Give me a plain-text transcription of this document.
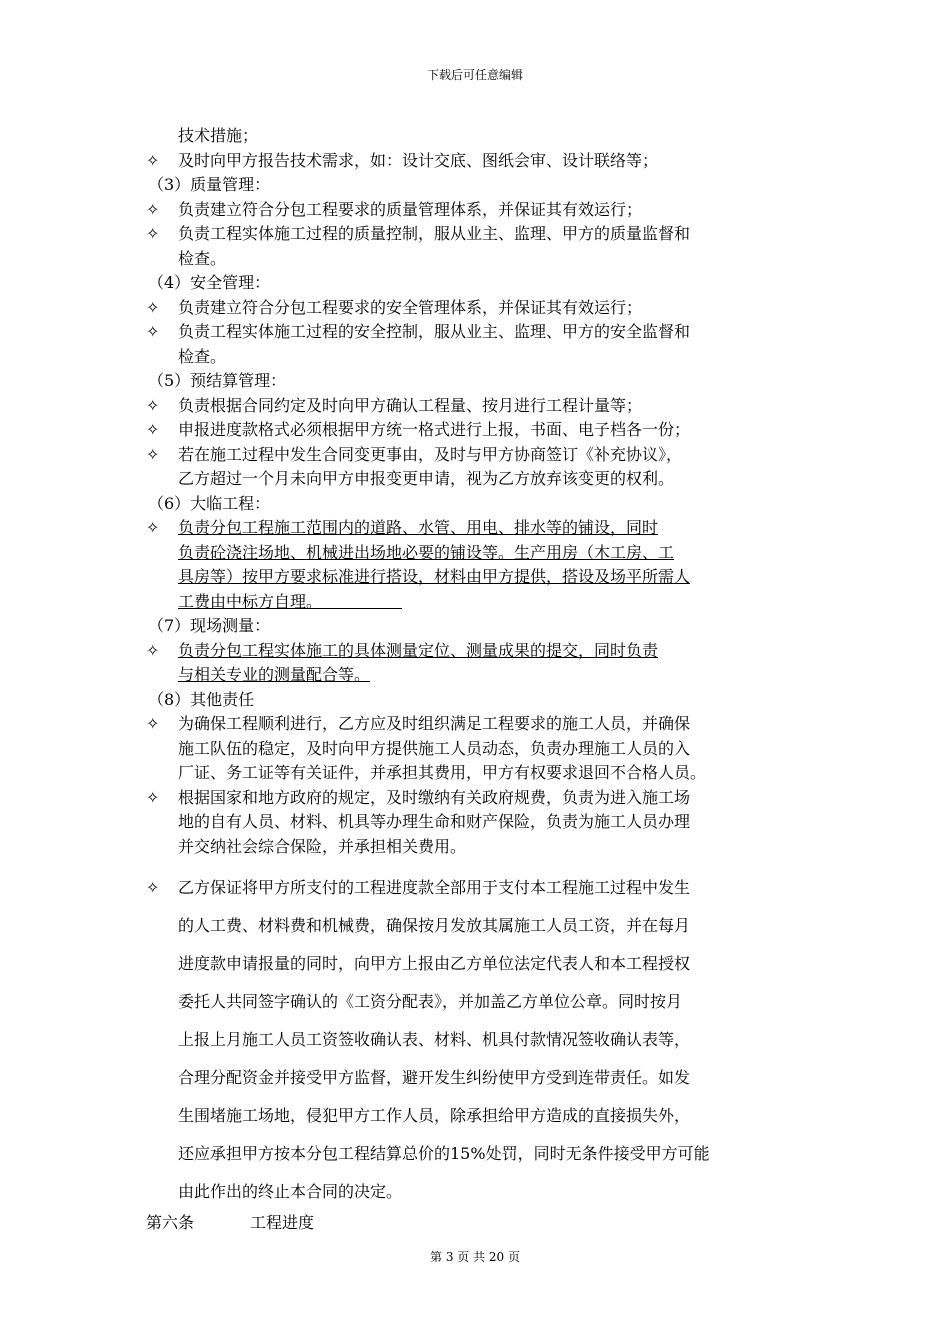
下载后可任意编辑
技术措施；
✧	及时向甲方报告技术需求，如：设计交底、图纸会审、设计联络等；
（3）质量管理：
✧	负责建立符合分包工程要求的质量管理体系，并保证其有效运行；
✧	负责工程实体施工过程的质量控制，服从业主、监理、甲方的质量监督和
检查。
（4）安全管理：
✧	负责建立符合分包工程要求的安全管理体系，并保证其有效运行；
✧	负责工程实体施工过程的安全控制，服从业主、监理、甲方的安全监督和
检查。
（5）预结算管理：
✧	负责根据合同约定及时向甲方确认工程量、按月进行工程计量等；
✧	申报进度款格式必须根据甲方统一格式进行上报，书面、电子档各一份；
✧	若在施工过程中发生合同变更事由，及时与甲方协商签订《补充协议》，
乙方超过一个月未向甲方申报变更申请，视为乙方放弃该变更的权利。
（6）大临工程：
✧	负责分包工程施工范围内的道路、水管、用电、排水等的铺设，同时
负责砼浇注场地、机械进出场地必要的铺设等。生产用房（木工房、工
具房等）按甲方要求标准进行搭设，材料由甲方提供，搭设及场平所需人
工费由中标方自理。     
（7）现场测量：
✧	负责分包工程实体施工的具体测量定位、测量成果的提交，同时负责
与相关专业的测量配合等。
（8）其他责任
✧	为确保工程顺利进行，乙方应及时组织满足工程要求的施工人员，并确保
施工队伍的稳定，及时向甲方提供施工人员动态，负责办理施工人员的入
厂证、务工证等有关证件，并承担其费用，甲方有权要求退回不合格人员。
✧	根据国家和地方政府的规定，及时缴纳有关政府规费，负责为进入施工场
地的自有人员、材料、机具等办理生命和财产保险，负责为施工人员办理
并交纳社会综合保险，并承担相关费用。
✧	乙方保证将甲方所支付的工程进度款全部用于支付本工程施工过程中发生
的人工费、材料费和机械费，确保按月发放其属施工人员工资，并在每月
进度款申请报量的同时，向甲方上报由乙方单位法定代表人和本工程授权
委托人共同签字确认的《工资分配表》，并加盖乙方单位公章。同时按月
上报上月施工人员工资签收确认表、材料、机具付款情况签收确认表等，
合理分配资金并接受甲方监督，避开发生纠纷使甲方受到连带责任。如发
生围堵施工场地，侵犯甲方工作人员，除承担给甲方造成的直接损失外，
还应承担甲方按本分包工程结算总价的15%处罚，同时无条件接受甲方可能
由此作出的终止本合同的决定。
第六条	工程进度
第 3 页 共 20 页
